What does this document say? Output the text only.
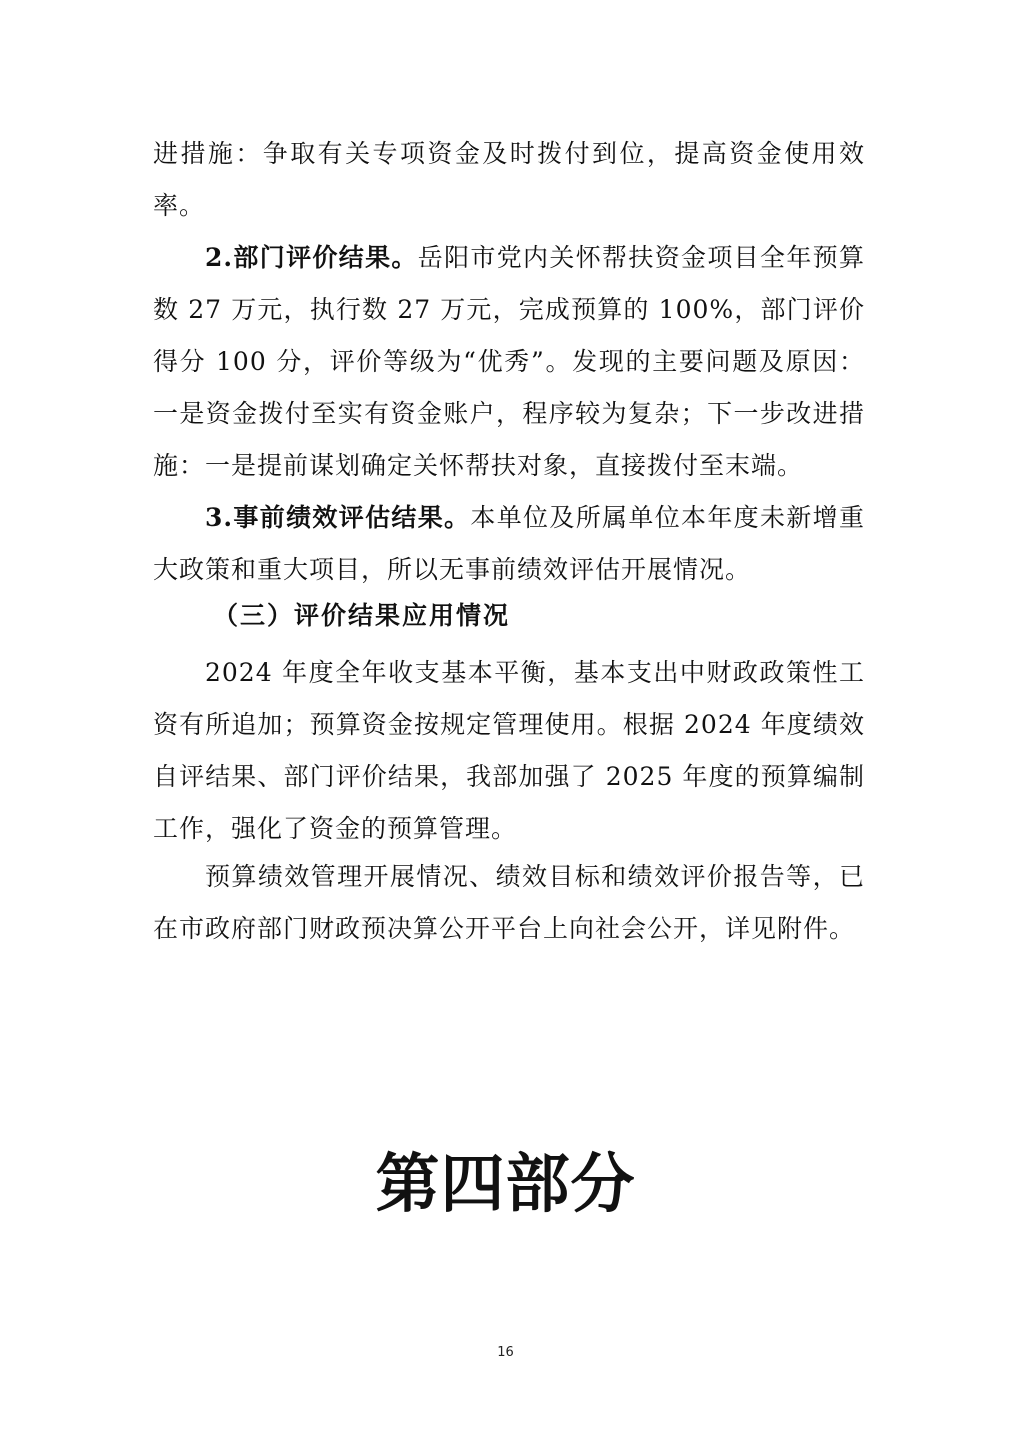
进措施：争取有关专项资金及时拨付到位，提高资金使用效率。

2.部门评价结果。岳阳市党内关怀帮扶资金项目全年预算数 27 万元，执行数 27 万元，完成预算的 100%，部门评价得分 100 分，评价等级为“优秀”。发现的主要问题及原因：一是资金拨付至实有资金账户，程序较为复杂；下一步改进措施：一是提前谋划确定关怀帮扶对象，直接拨付至末端。

3.事前绩效评估结果。本单位及所属单位本年度未新增重大政策和重大项目，所以无事前绩效评估开展情况。

（三）评价结果应用情况

2024 年度全年收支基本平衡，基本支出中财政政策性工资有所追加；预算资金按规定管理使用。根据 2024 年度绩效自评结果、部门评价结果，我部加强了 2025 年度的预算编制工作，强化了资金的预算管理。

预算绩效管理开展情况、绩效目标和绩效评价报告等，已在市政府部门财政预决算公开平台上向社会公开，详见附件。

第四部分
16
